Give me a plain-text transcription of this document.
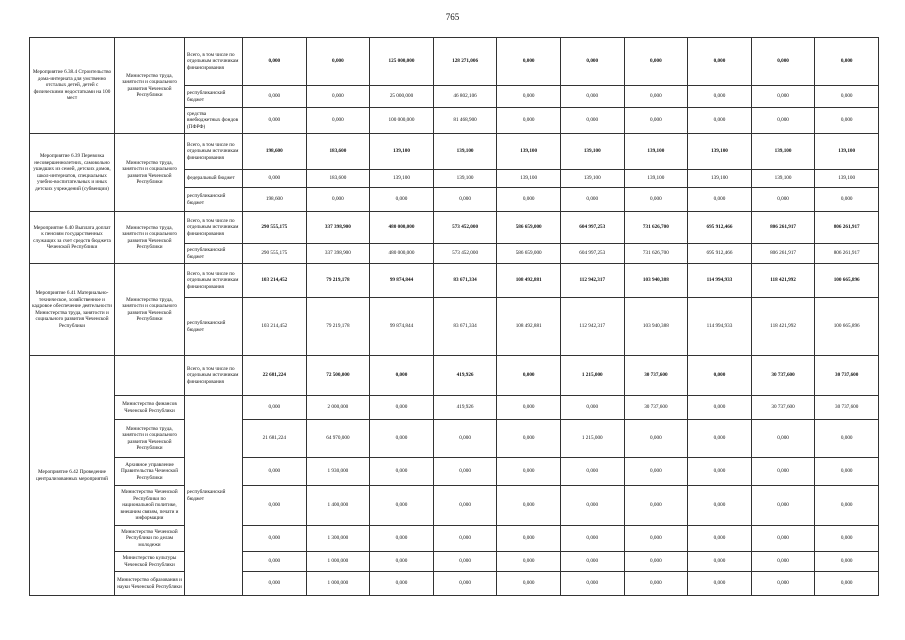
765
Мероприятие 6.38.4 Строительство дома-интерната для умственно отсталых детей, детей с физическими недостатками на 100 мест	Министерство труда, занятости и социального развития Чеченской Республики	Всего, в том числе по отдельным источникам финансирования	0,000	0,000	125 000,000	128 271,006	0,000	0,000	0,000	0,000	0,000	0,000
		республиканский бюджет	0,000	0,000	25 000,000	46 802,106	0,000	0,000	0,000	0,000	0,000	0,000
		средства внебюджетных фондов (ПФРФ)	0,000	0,000	100 000,000	81 468,900	0,000	0,000	0,000	0,000	0,000	0,000
Мероприятие 6.39 Перевозка несовершеннолетних, самовольно ушедших из семей, детских домов, школ-интернатов, специальных учебно-воспитательных и иных детских учреждений (субвенции)	Министерство труда, занятости и социального развития Чеченской Республики	Всего, в том числе по отдельным источникам финансирования	198,600	183,600	139,100	139,100	139,100	139,100	139,100	139,100	139,100	139,100
		федеральный бюджет	0,000	183,600	139,100	139,100	139,100	139,100	139,100	139,100	139,100	139,100
		республиканский бюджет	198,600	0,000	0,000	0,000	0,000	0,000	0,000	0,000	0,000	0,000
Мероприятие 6.40 Выплата доплат к пенсиям государственных служащих за счет средств бюджета Чеченской Республики	Министерство труда, занятости и социального развития Чеченской Республики	Всего, в том числе по отдельным источникам финансирования	290 555,175	337 398,900	480 000,000	573 452,000	586 659,000	604 997,253	731 626,700	695 912,466	806 261,917	806 261,917
		республиканский бюджет	290 555,175	337 398,900	480 000,000	573 452,000	586 659,000	604 997,253	731 626,700	695 912,466	806 261,917	806 261,917
Мероприятие 6.41 Материально-техническое, хозяйственное и кадровое обеспечение деятельности Министерства труда, занятости и социального развития Чеченской Республики	Министерство труда, занятости и социального развития Чеченской Республики	Всего, в том числе по отдельным источникам финансирования	103 214,452	79 219,178	99 874,844	83 671,334	108 492,881	112 942,317	103 940,388	114 994,933	118 421,992	100 665,896
		республиканский бюджет	103 214,452	79 219,178	99 874,844	83 671,334	108 492,881	112 942,317	103 940,388	114 994,933	118 421,992	100 665,896
Мероприятие 6.42 Проведение централизованных мероприятий		Всего, в том числе по отдельным источникам финансирования	22 681,224	72 500,000	0,000	419,926	0,000	1 215,000	30 737,600	0,000	30 737,600	30 737,600
	Министерство финансов Чеченской Республики	республиканский бюджет	0,000	2 000,000	0,000	419,926	0,000	0,000	30 737,600	0,000	30 737,600	30 737,600
	Министерство труда, занятости и социального развития Чеченской Республики		21 681,224	64 970,000	0,000	0,000	0,000	1 215,000	0,000	0,000	0,000	0,000
	Архивное управление Правительства Чеченской Республики		0,000	1 930,000	0,000	0,000	0,000	0,000	0,000	0,000	0,000	0,000
	Министерство Чеченской Республики по национальной политике, внешним связям, печати и информации		0,000	1 400,000	0,000	0,000	0,000	0,000	0,000	0,000	0,000	0,000
	Министерство Чеченской Республики по делам молодежи		0,000	1 300,000	0,000	0,000	0,000	0,000	0,000	0,000	0,000	0,000
	Министерство культуры Чеченской Республики		0,000	1 000,000	0,000	0,000	0,000	0,000	0,000	0,000	0,000	0,000
	Министерство образования и науки Чеченской Республики		0,000	1 000,000	0,000	0,000	0,000	0,000	0,000	0,000	0,000	0,000
